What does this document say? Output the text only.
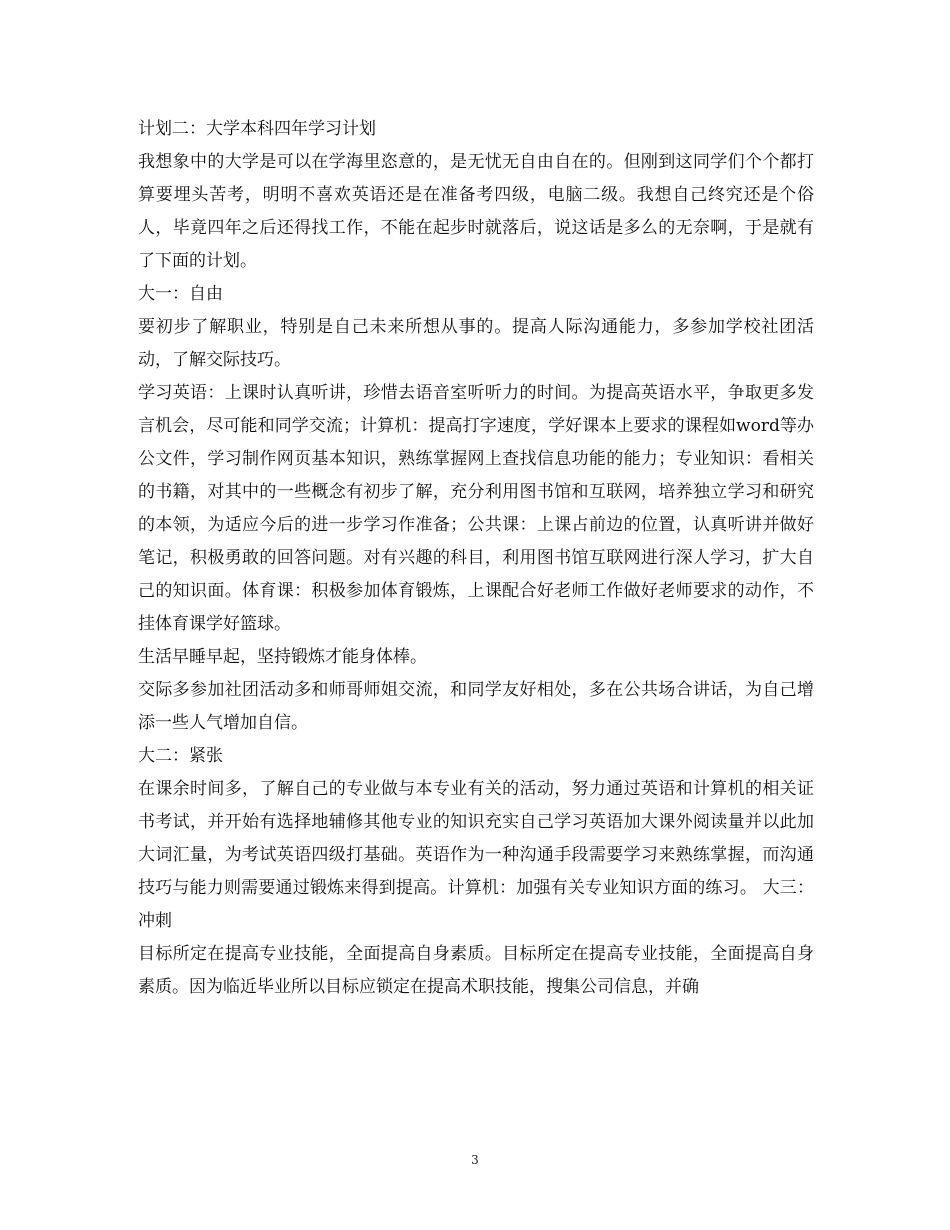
计划二：大学本科四年学习计划

我想象中的大学是可以在学海里恣意的，是无忧无自由自在的。但刚到这同学们个个都打算要埋头苦考，明明不喜欢英语还是在准备考四级，电脑二级。我想自己终究还是个俗人，毕竟四年之后还得找工作，不能在起步时就落后，说这话是多么的无奈啊，于是就有了下面的计划。

大一：自由

要初步了解职业，特别是自己未来所想从事的。提高人际沟通能力，多参加学校社团活动，了解交际技巧。

学习英语：上课时认真听讲，珍惜去语音室听听力的时间。为提高英语水平，争取更多发言机会，尽可能和同学交流；计算机：提高打字速度，学好课本上要求的课程如word等办公文件，学习制作网页基本知识，熟练掌握网上查找信息功能的能力；专业知识：看相关的书籍，对其中的一些概念有初步了解，充分利用图书馆和互联网，培养独立学习和研究的本领，为适应今后的进一步学习作准备；公共课：上课占前边的位置，认真听讲并做好笔记，积极勇敢的回答问题。对有兴趣的科目，利用图书馆互联网进行深人学习，扩大自己的知识面。体育课：积极参加体育锻炼，上课配合好老师工作做好老师要求的动作，不挂体育课学好篮球。

生活早睡早起，坚持锻炼才能身体棒。

交际多参加社团活动多和师哥师姐交流，和同学友好相处，多在公共场合讲话，为自己增添一些人气增加自信。

大二：紧张

在课余时间多，了解自己的专业做与本专业有关的活动，努力通过英语和计算机的相关证书考试，并开始有选择地辅修其他专业的知识充实自己学习英语加大课外阅读量并以此加大词汇量，为考试英语四级打基础。英语作为一种沟通手段需要学习来熟练掌握，而沟通技巧与能力则需要通过锻炼来得到提高。计算机：加强有关专业知识方面的练习。 大三：冲刺

目标所定在提高专业技能，全面提高自身素质。目标所定在提高专业技能，全面提高自身素质。因为临近毕业所以目标应锁定在提高术职技能，搜集公司信息，并确

3
